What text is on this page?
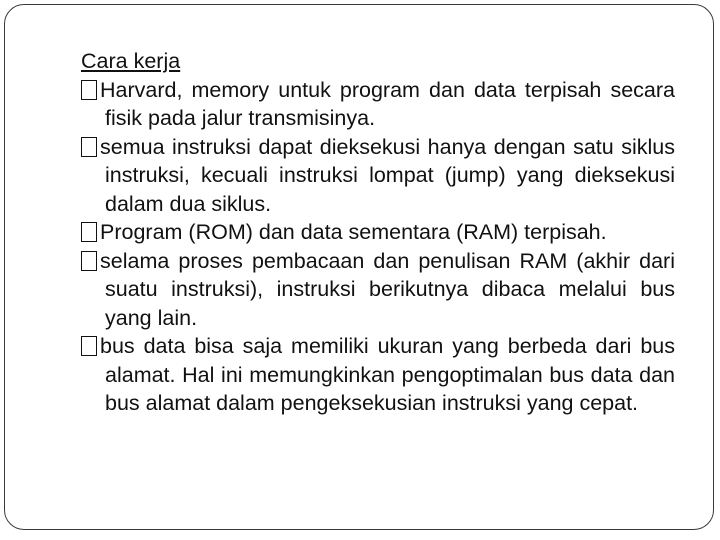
Cara kerja

Harvard, memory untuk program dan data terpisah secara fisik pada jalur transmisinya.

semua instruksi dapat dieksekusi hanya dengan satu siklus instruksi, kecuali instruksi lompat (jump) yang dieksekusi dalam dua siklus.

Program (ROM) dan data sementara (RAM) terpisah.

selama proses pembacaan dan penulisan RAM (akhir dari suatu instruksi), instruksi berikutnya dibaca melalui bus yang lain.

bus data bisa saja memiliki ukuran yang berbeda dari bus alamat. Hal ini memungkinkan pengoptimalan bus data dan bus alamat dalam pengeksekusian instruksi yang cepat.
